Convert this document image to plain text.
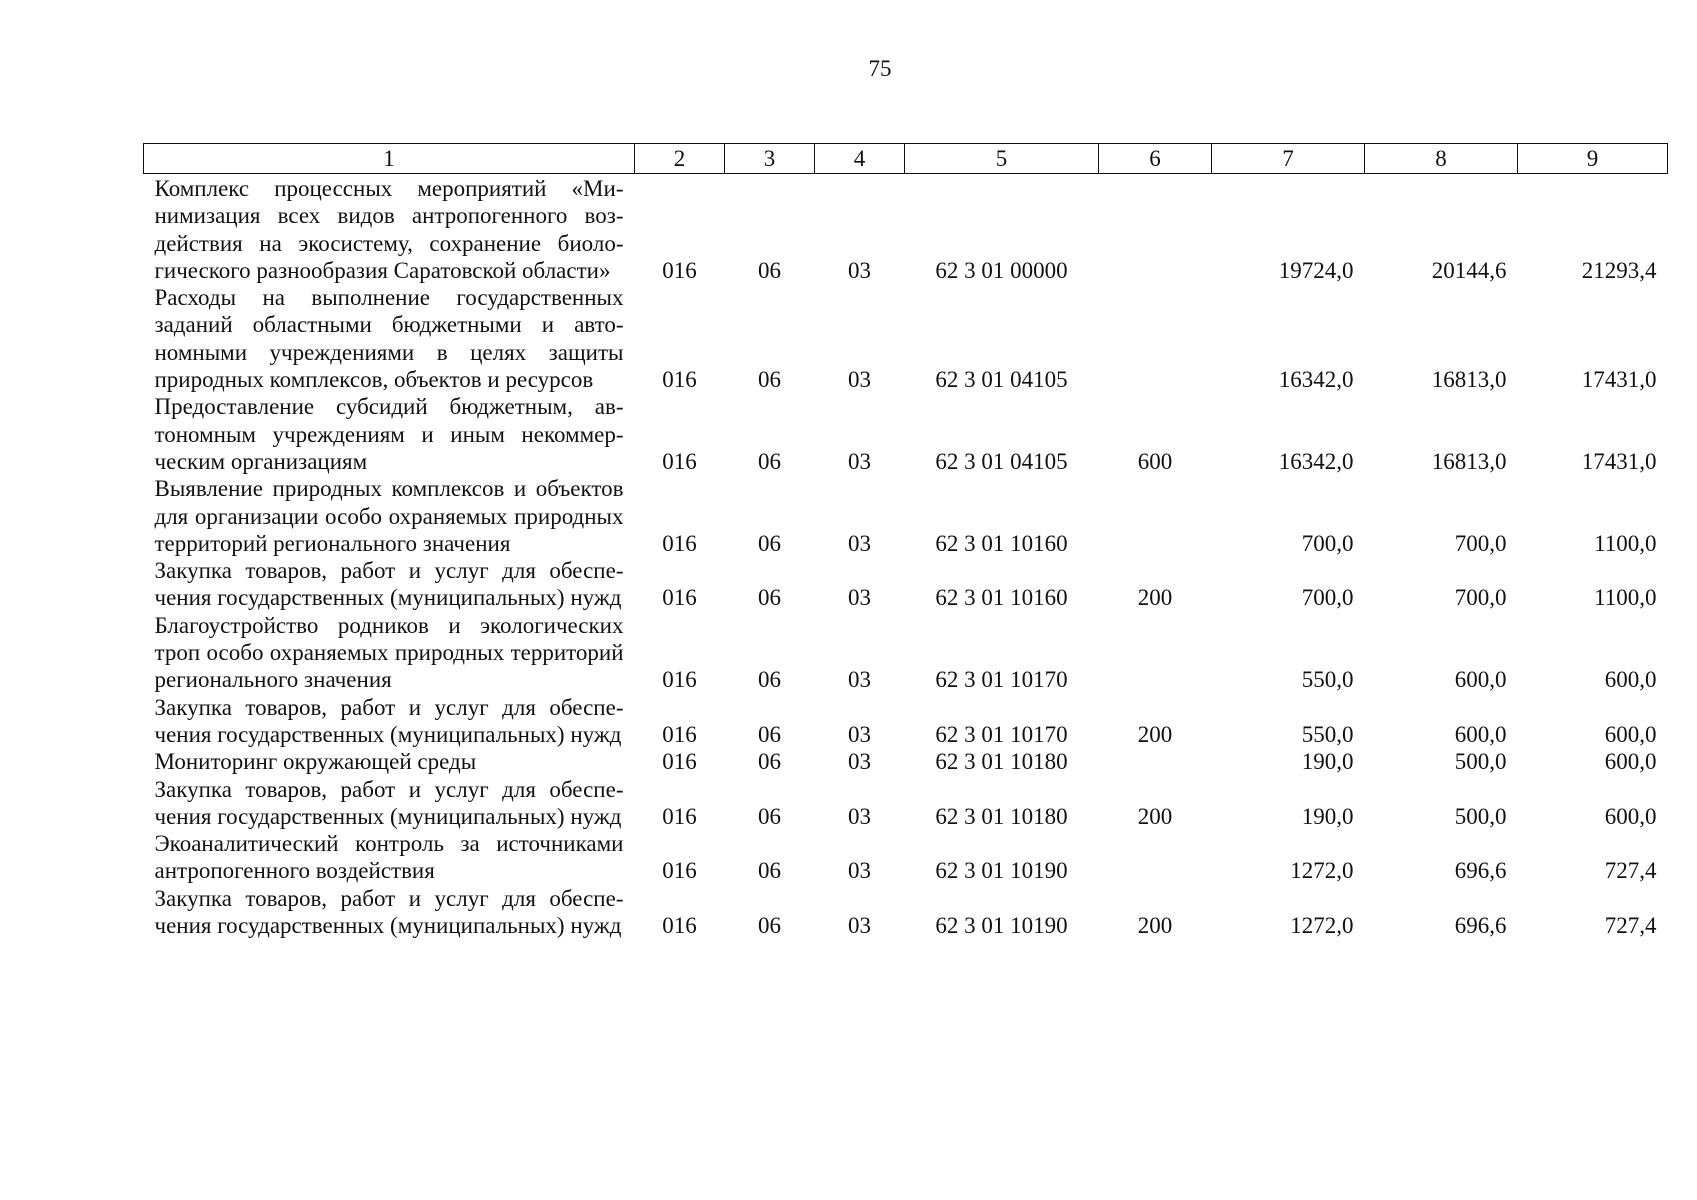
75
1	2	3	4	5	6	7	8	9
Комплекс процессных мероприятий «Минимизация всех видов антропогенного воздействия на экосистему, сохранение биологического разнообразия Саратовской области»	016	06	03	62 3 01 00000		19724,0	20144,6	21293,4
Расходы на выполнение государственных заданий областными бюджетными и автономными учреждениями в целях защиты природных комплексов, объектов и ресурсов	016	06	03	62 3 01 04105		16342,0	16813,0	17431,0
Предоставление субсидий бюджетным, автономным учреждениям и иным некоммерческим организациям	016	06	03	62 3 01 04105	600	16342,0	16813,0	17431,0
Выявление природных комплексов и объектов для организации особо охраняемых природных территорий регионального значения	016	06	03	62 3 01 10160		700,0	700,0	1100,0
Закупка товаров, работ и услуг для обеспечения государственных (муниципальных) нужд	016	06	03	62 3 01 10160	200	700,0	700,0	1100,0
Благоустройство родников и экологических троп особо охраняемых природных территорий регионального значения	016	06	03	62 3 01 10170		550,0	600,0	600,0
Закупка товаров, работ и услуг для обеспечения государственных (муниципальных) нужд	016	06	03	62 3 01 10170	200	550,0	600,0	600,0
Мониторинг окружающей среды	016	06	03	62 3 01 10180		190,0	500,0	600,0
Закупка товаров, работ и услуг для обеспечения государственных (муниципальных) нужд	016	06	03	62 3 01 10180	200	190,0	500,0	600,0
Экоаналитический контроль за источниками антропогенного воздействия	016	06	03	62 3 01 10190		1272,0	696,6	727,4
Закупка товаров, работ и услуг для обеспечения государственных (муниципальных) нужд	016	06	03	62 3 01 10190	200	1272,0	696,6	727,4
